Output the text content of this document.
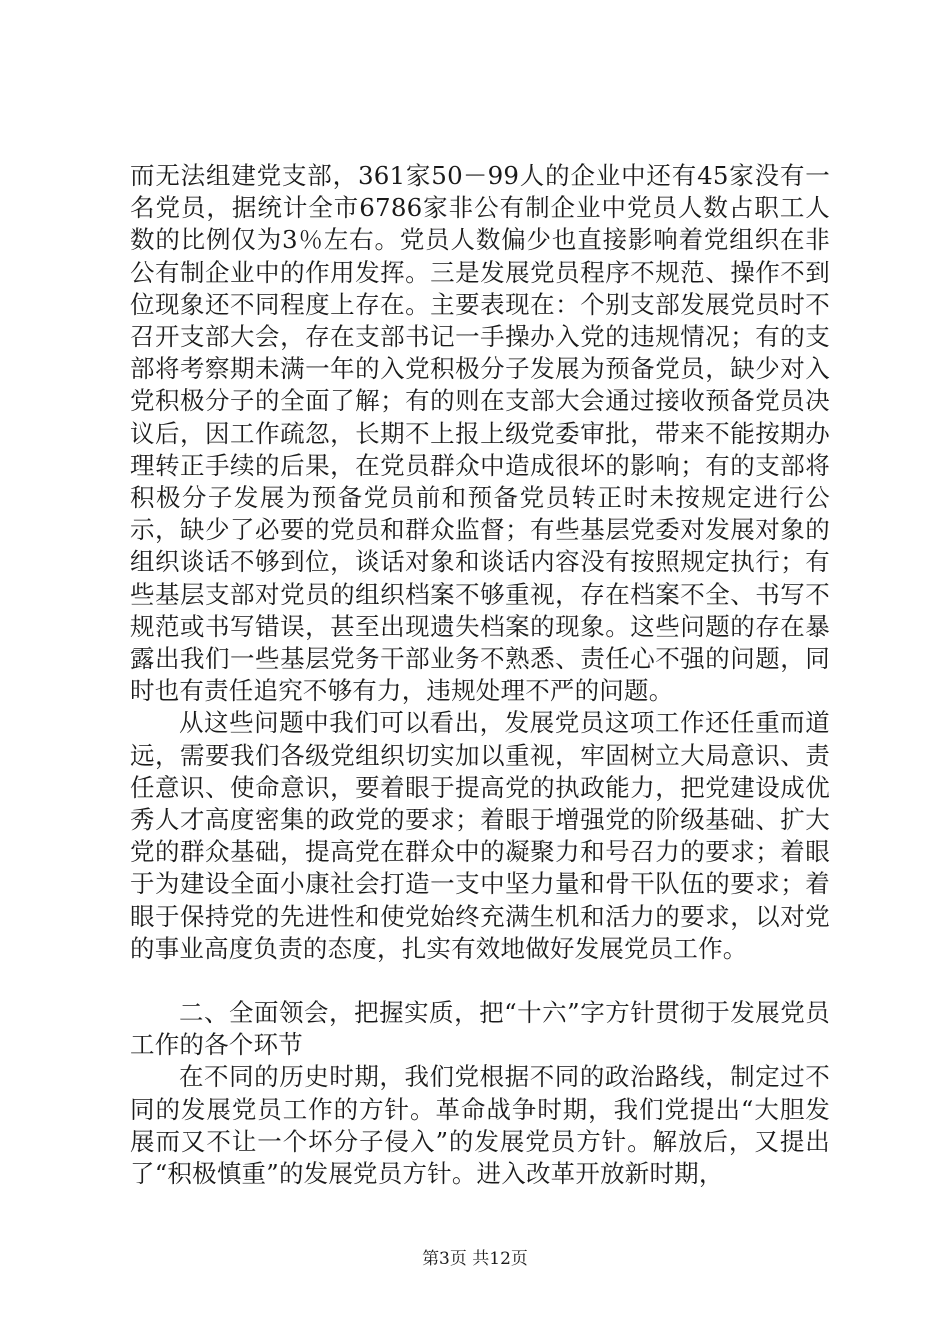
而无法组建党支部，361家50－99人的企业中还有45家没有一名党员，据统计全市6786家非公有制企业中党员人数占职工人数的比例仅为3％左右。党员人数偏少也直接影响着党组织在非公有制企业中的作用发挥。三是发展党员程序不规范、操作不到位现象还不同程度上存在。主要表现在：个别支部发展党员时不召开支部大会，存在支部书记一手操办入党的违规情况；有的支部将考察期未满一年的入党积极分子发展为预备党员，缺少对入党积极分子的全面了解；有的则在支部大会通过接收预备党员决议后，因工作疏忽，长期不上报上级党委审批，带来不能按期办理转正手续的后果，在党员群众中造成很坏的影响；有的支部将积极分子发展为预备党员前和预备党员转正时未按规定进行公示，缺少了必要的党员和群众监督；有些基层党委对发展对象的组织谈话不够到位，谈话对象和谈话内容没有按照规定执行；有些基层支部对党员的组织档案不够重视，存在档案不全、书写不规范或书写错误，甚至出现遗失档案的现象。这些问题的存在暴露出我们一些基层党务干部业务不熟悉、责任心不强的问题，同时也有责任追究不够有力，违规处理不严的问题。

从这些问题中我们可以看出，发展党员这项工作还任重而道远，需要我们各级党组织切实加以重视，牢固树立大局意识、责任意识、使命意识，要着眼于提高党的执政能力，把党建设成优秀人才高度密集的政党的要求；着眼于增强党的阶级基础、扩大党的群众基础，提高党在群众中的凝聚力和号召力的要求；着眼于为建设全面小康社会打造一支中坚力量和骨干队伍的要求；着眼于保持党的先进性和使党始终充满生机和活力的要求，以对党的事业高度负责的态度，扎实有效地做好发展党员工作。

二、全面领会，把握实质，把“十六”字方针贯彻于发展党员工作的各个环节

在不同的历史时期，我们党根据不同的政治路线，制定过不同的发展党员工作的方针。革命战争时期，我们党提出“大胆发展而又不让一个坏分子侵入”的发展党员方针。解放后，又提出了“积极慎重”的发展党员方针。进入改革开放新时期，

第3页 共12页
